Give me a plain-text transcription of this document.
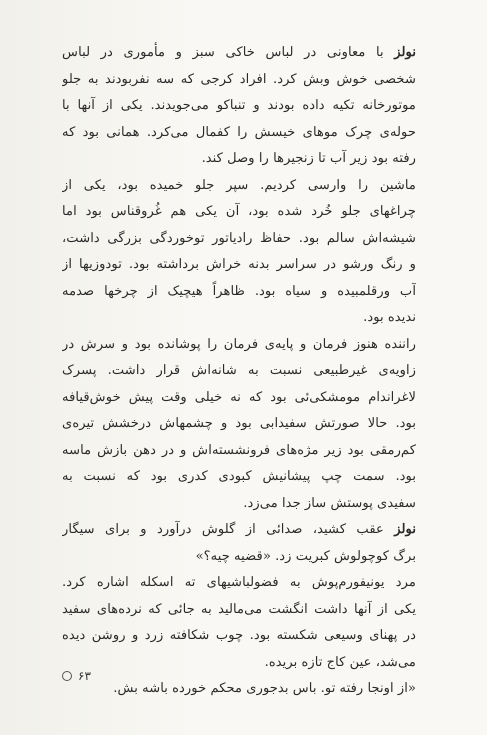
نولز با معاونی در لباس خاکی سبز و مأموری در لباس
شخصی خوش وبش کرد. افراد کرجی که سه نفربودند به جلو
موتورخانه تکیه داده بودند و تنباکو می‌جویدند. یکی از آنها با
حوله‌ی چرک موهای خیسش را کفمال می‌کرد. همانی بود که
رفته بود زیر آب تا زنجیرها را وصل کند.
ماشین را وارسی کردیم. سپر جلو خمیده بود، یکی از
چراغهای جلو خُرد شده بود، آن یکی هم غُروقناس بود اما
شیشه‌اش سالم بود. حفاظ رادیاتور توخوردگی بزرگی داشت،
و رنگ ورشو در سراسر بدنه خراش برداشته بود. تودوزیها از
آب ورقلمبیده و سیاه بود. ظاهراً هیچیک از چرخها صدمه
ندیده بود.
راننده هنوز فرمان و پایه‌ی فرمان را پوشانده بود و سرش در
زاویه‌ی غیرطبیعی نسبت به شانه‌اش قرار داشت. پسرک
لاغراندام مومشکی‌ئی بود که نه خیلی وقت پیش خوش‌قیافه
بود. حالا صورتش سفیدابی بود و چشمهاش درخشش تیره‌ی
کم‌رمقی بود زیر مژه‌های فرونشسته‌اش و در دهن بازش ماسه
بود. سمت چپ پیشانیش کبودی کدری بود که نسبت به
سفیدی پوستش ساز جدا می‌زد.
نولز عقب کشید، صدائی از گلوش درآورد و برای سیگار
برگ کوچولوش کبریت زد. «قضیه چیه؟»
مرد یونیفورم‌پوش به فضولباشیهای ته اسکله اشاره کرد.
یکی از آنها داشت انگشت می‌مالید به جائی که نرده‌های سفید
در پهنای وسیعی شکسته بود. چوب شکافته زرد و روشن دیده
می‌شد، عین کاج تازه بریده.
«از اونجا رفته تو. باس بدجوری محکم خورده باشه بش.
۶۳
